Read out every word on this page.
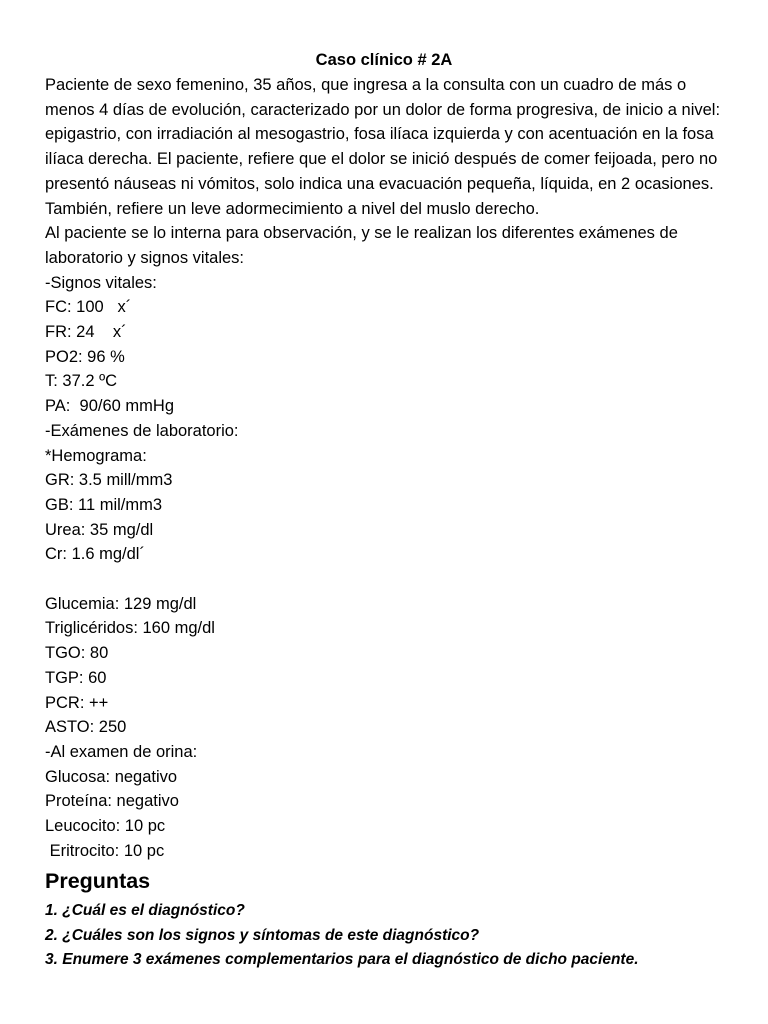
Caso clínico # 2A

Paciente de sexo femenino, 35 años, que ingresa a la consulta con un cuadro de más o menos 4 días de evolución, caracterizado por un dolor de forma progresiva, de inicio a nivel: epigastrio, con irradiación al mesogastrio, fosa ilíaca izquierda y con acentuación en la fosa ilíaca derecha. El paciente, refiere que el dolor se inició después de comer feijoada, pero no presentó náuseas ni vómitos, solo indica una evacuación pequeña, líquida, en 2 ocasiones. También, refiere un leve adormecimiento a nivel del muslo derecho.

Al paciente se lo interna para observación, y se le realizan los diferentes exámenes de laboratorio y signos vitales:

-Signos vitales:
FC: 100   x´
FR: 24    x´
PO2: 96 %
T: 37.2 ºC
PA:  90/60 mmHg
-Exámenes de laboratorio:
*Hemograma:
GR: 3.5 mill/mm3
GB: 11 mil/mm3
Urea: 35 mg/dl
Cr: 1.6 mg/dl´
Glucemia: 129 mg/dl
Triglicéridos: 160 mg/dl
TGO: 80
TGP: 60
PCR: ++
ASTO: 250
-Al examen de orina:
Glucosa: negativo
Proteína: negativo
Leucocito: 10 pc
Eritrocito: 10 pc
Preguntas
1. ¿Cuál es el diagnóstico?
2. ¿Cuáles son los signos y síntomas de este diagnóstico?
3. Enumere 3 exámenes complementarios para el diagnóstico de dicho paciente.
